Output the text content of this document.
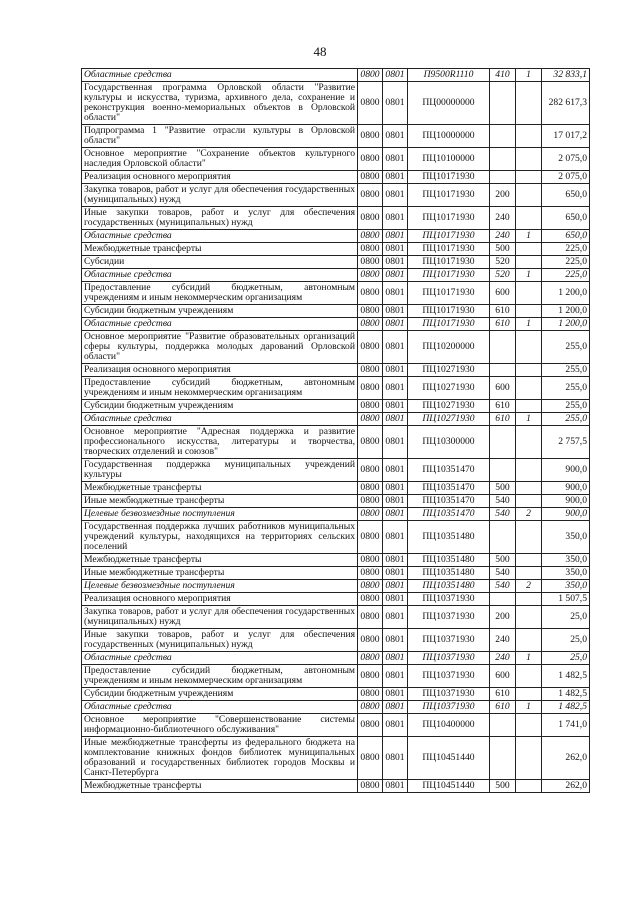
48
Областные средства	0800	0801	П9500R1110	410	1	32 833,1
Государственная программа Орловской области "Развитие культуры и искусства, туризма, архивного дела, сохранение и реконструкция военно-мемориальных объектов в Орловской области"	0800	0801	ПЦ00000000			282 617,3
Подпрограмма 1 "Развитие отрасли культуры в Орловской области"	0800	0801	ПЦ10000000			17 017,2
Основное мероприятие "Сохранение объектов культурного наследия Орловской области"	0800	0801	ПЦ10100000			2 075,0
Реализация основного мероприятия	0800	0801	ПЦ10171930			2 075,0
Закупка товаров, работ и услуг для обеспечения государственных (муниципальных) нужд	0800	0801	ПЦ10171930	200		650,0
Иные закупки товаров, работ и услуг для обеспечения государственных (муниципальных) нужд	0800	0801	ПЦ10171930	240		650,0
Областные средства	0800	0801	ПЦ10171930	240	1	650,0
Межбюджетные трансферты	0800	0801	ПЦ10171930	500		225,0
Субсидии	0800	0801	ПЦ10171930	520		225,0
Областные средства	0800	0801	ПЦ10171930	520	1	225,0
Предоставление субсидий бюджетным, автономным учреждениям и иным некоммерческим организациям	0800	0801	ПЦ10171930	600		1 200,0
Субсидии бюджетным учреждениям	0800	0801	ПЦ10171930	610		1 200,0
Областные средства	0800	0801	ПЦ10171930	610	1	1 200,0
Основное мероприятие "Развитие образовательных организаций сферы культуры, поддержка молодых дарований Орловской области"	0800	0801	ПЦ10200000			255,0
Реализация основного мероприятия	0800	0801	ПЦ10271930			255,0
Предоставление субсидий бюджетным, автономным учреждениям и иным некоммерческим организациям	0800	0801	ПЦ10271930	600		255,0
Субсидии бюджетным учреждениям	0800	0801	ПЦ10271930	610		255,0
Областные средства	0800	0801	ПЦ10271930	610	1	255,0
Основное мероприятие "Адресная поддержка и развитие профессионального искусства, литературы и творчества, творческих отделений и союзов"	0800	0801	ПЦ10300000			2 757,5
Государственная поддержка муниципальных учреждений культуры	0800	0801	ПЦ10351470			900,0
Межбюджетные трансферты	0800	0801	ПЦ10351470	500		900,0
Иные межбюджетные трансферты	0800	0801	ПЦ10351470	540		900,0
Целевые безвозмездные поступления	0800	0801	ПЦ10351470	540	2	900,0
Государственная поддержка лучших работников муниципальных учреждений культуры, находящихся на территориях сельских поселений	0800	0801	ПЦ10351480			350,0
Межбюджетные трансферты	0800	0801	ПЦ10351480	500		350,0
Иные межбюджетные трансферты	0800	0801	ПЦ10351480	540		350,0
Целевые безвозмездные поступления	0800	0801	ПЦ10351480	540	2	350,0
Реализация основного мероприятия	0800	0801	ПЦ10371930			1 507,5
Закупка товаров, работ и услуг для обеспечения государственных (муниципальных) нужд	0800	0801	ПЦ10371930	200		25,0
Иные закупки товаров, работ и услуг для обеспечения государственных (муниципальных) нужд	0800	0801	ПЦ10371930	240		25,0
Областные средства	0800	0801	ПЦ10371930	240	1	25,0
Предоставление субсидий бюджетным, автономным учреждениям и иным некоммерческим организациям	0800	0801	ПЦ10371930	600		1 482,5
Субсидии бюджетным учреждениям	0800	0801	ПЦ10371930	610		1 482,5
Областные средства	0800	0801	ПЦ10371930	610	1	1 482,5
Основное мероприятие "Совершенствование системы информационно-библиотечного обслуживания"	0800	0801	ПЦ10400000			1 741,0
Иные межбюджетные трансферты из федерального бюджета на комплектование книжных фондов библиотек муниципальных образований и государственных библиотек городов Москвы и Санкт-Петербурга	0800	0801	ПЦ10451440			262,0
Межбюджетные трансферты	0800	0801	ПЦ10451440	500		262,0
